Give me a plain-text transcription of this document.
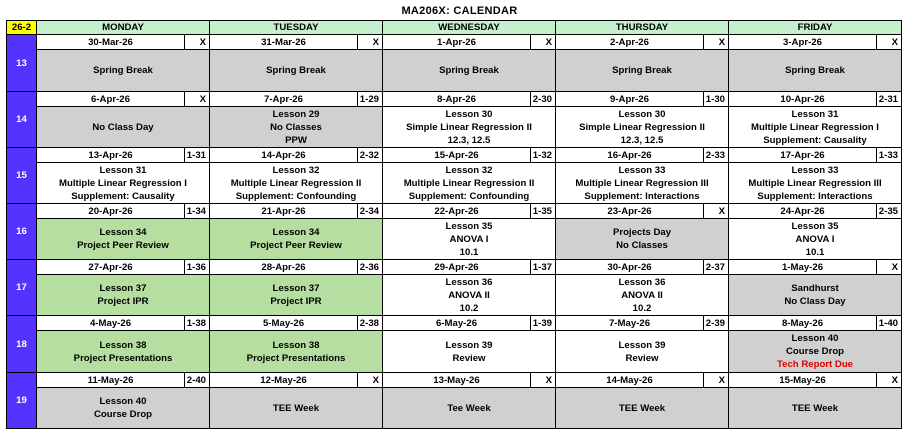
MA206X: CALENDAR
26-2	MONDAY		TUESDAY		WEDNESDAY		THURSDAY		FRIDAY	
13	30-Mar-26	X	31-Mar-26	X	1-Apr-26	X	2-Apr-26	X	3-Apr-26	X

	Spring Break		Spring Break		Spring Break		Spring Break		Spring Break	

14	6-Apr-26	X	7-Apr-26	1-29	8-Apr-26	2-30	9-Apr-26	1-30	10-Apr-26	2-31

	No Class Day		Lesson 29
No Classes
PPW		Lesson 30
Simple Linear Regression II
12.3, 12.5		Lesson 30
Simple Linear Regression II
12.3, 12.5		Lesson 31
Multiple Linear Regression I
Supplement: Causality	

15	13-Apr-26	1-31	14-Apr-26	2-32	15-Apr-26	1-32	16-Apr-26	2-33	17-Apr-26	1-33

	Lesson 31
Multiple Linear Regression I
Supplement: Causality		Lesson 32
Multiple Linear Regression II
Supplement: Confounding		Lesson 32
Multiple Linear Regression II
Supplement: Confounding		Lesson 33
Multiple Linear Regression III
Supplement: Interactions		Lesson 33
Multiple Linear Regression III
Supplement: Interactions	

16	20-Apr-26	1-34	21-Apr-26	2-34	22-Apr-26	1-35	23-Apr-26	X	24-Apr-26	2-35

	Lesson 34
Project Peer Review		Lesson 34
Project Peer Review		Lesson 35
ANOVA I
10.1		Projects Day
No Classes		Lesson 35
ANOVA I
10.1	

17	27-Apr-26	1-36	28-Apr-26	2-36	29-Apr-26	1-37	30-Apr-26	2-37	1-May-26	X

	Lesson 37
Project IPR		Lesson 37
Project IPR		Lesson 36
ANOVA II
10.2		Lesson 36
ANOVA II
10.2		Sandhurst
No Class Day	

18	4-May-26	1-38	5-May-26	2-38	6-May-26	1-39	7-May-26	2-39	8-May-26	1-40

	Lesson 38
Project Presentations		Lesson 38
Project Presentations		Lesson 39
Review		Lesson 39
Review		Lesson 40
Course Drop
Tech Report Due	

19	11-May-26	2-40	12-May-26	X	13-May-26	X	14-May-26	X	15-May-26	X

	Lesson 40
Course Drop		TEE Week		Tee Week		TEE Week		TEE Week	
